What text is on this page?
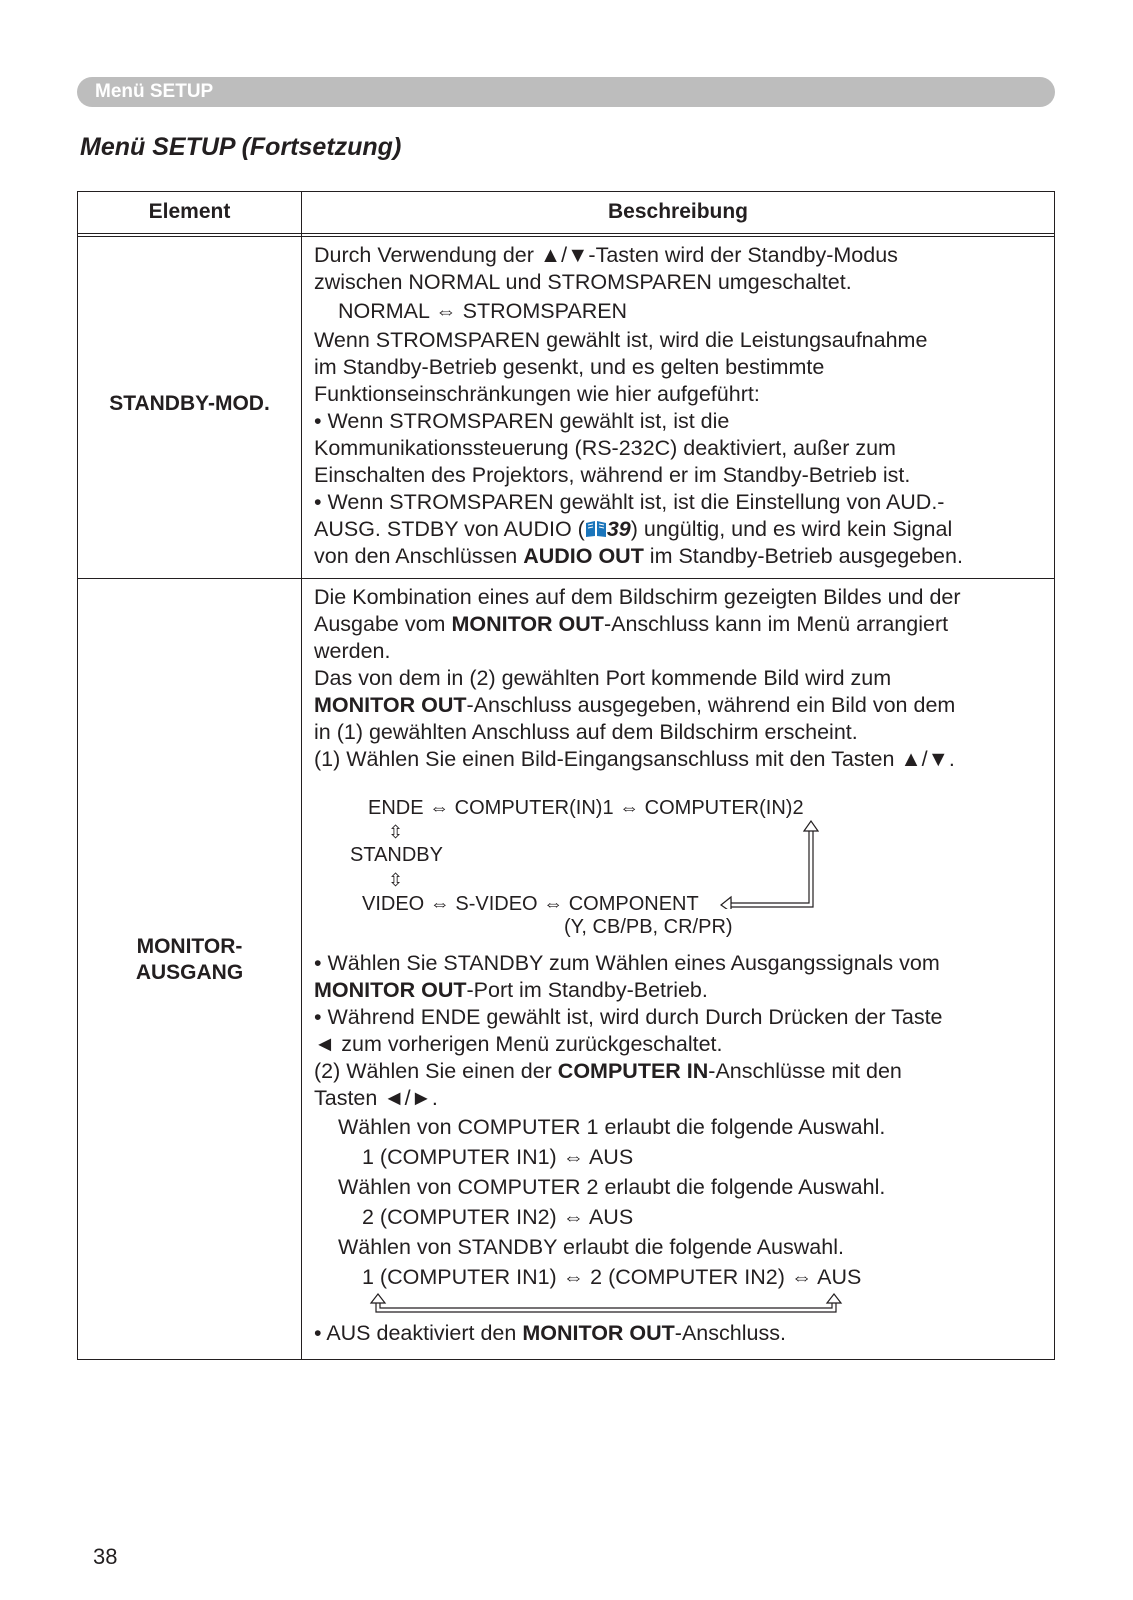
Menü SETUP
Menü SETUP (Fortsetzung)
Element	Beschreibung
STANDBY-MOD.

Durch Verwendung der ▲/▼-Tasten wird der Standby-Modus

zwischen NORMAL und STROMSPAREN umgeschaltet.

NORMAL ⇔ STROMSPAREN

Wenn STROMSPAREN gewählt ist, wird die Leistungsaufnahme

im Standby-Betrieb gesenkt, und es gelten bestimmte

Funktionseinschränkungen wie hier aufgeführt:

• Wenn STROMSPAREN gewählt ist, ist die

Kommunikationssteuerung (RS-232C) deaktiviert, außer zum

Einschalten des Projektors, während er im Standby-Betrieb ist.

• Wenn STROMSPAREN gewählt ist, ist die Einstellung von AUD.-

AUSG. STDBY von AUDIO ( 39) ungültig, und es wird kein Signal

von den Anschlüssen AUDIO OUT im Standby-Betrieb ausgegeben.

MONITOR-
AUSGANG

Die Kombination eines auf dem Bildschirm gezeigten Bildes und der

Ausgabe vom MONITOR OUT-Anschluss kann im Menü arrangiert

werden.

Das von dem in (2) gewählten Port kommende Bild wird zum

MONITOR OUT-Anschluss ausgegeben, während ein Bild von dem

in (1) gewählten Anschluss auf dem Bildschirm erscheint.

(1) Wählen Sie einen Bild-Eingangsanschluss mit den Tasten ▲/▼.

ENDE ⇔ COMPUTER(IN)1 ⇔ COMPUTER(IN)2
⇳
STANDBY
⇳
VIDEO ⇔ S-VIDEO ⇔ COMPONENT
(Y, CB/PB, CR/PR)

• Wählen Sie STANDBY zum Wählen eines Ausgangssignals vom

MONITOR OUT-Port im Standby-Betrieb.

• Während ENDE gewählt ist, wird durch Durch Drücken der Taste

◄ zum vorherigen Menü zurückgeschaltet.

(2) Wählen Sie einen der COMPUTER IN-Anschlüsse mit den

Tasten ◄/►.

Wählen von COMPUTER 1 erlaubt die folgende Auswahl.

1 (COMPUTER IN1) ⇔ AUS

Wählen von COMPUTER 2 erlaubt die folgende Auswahl.

2 (COMPUTER IN2) ⇔ AUS

Wählen von STANDBY erlaubt die folgende Auswahl.

1 (COMPUTER IN1) ⇔ 2 (COMPUTER IN2) ⇔ AUS

• AUS deaktiviert den MONITOR OUT-Anschluss.

38
